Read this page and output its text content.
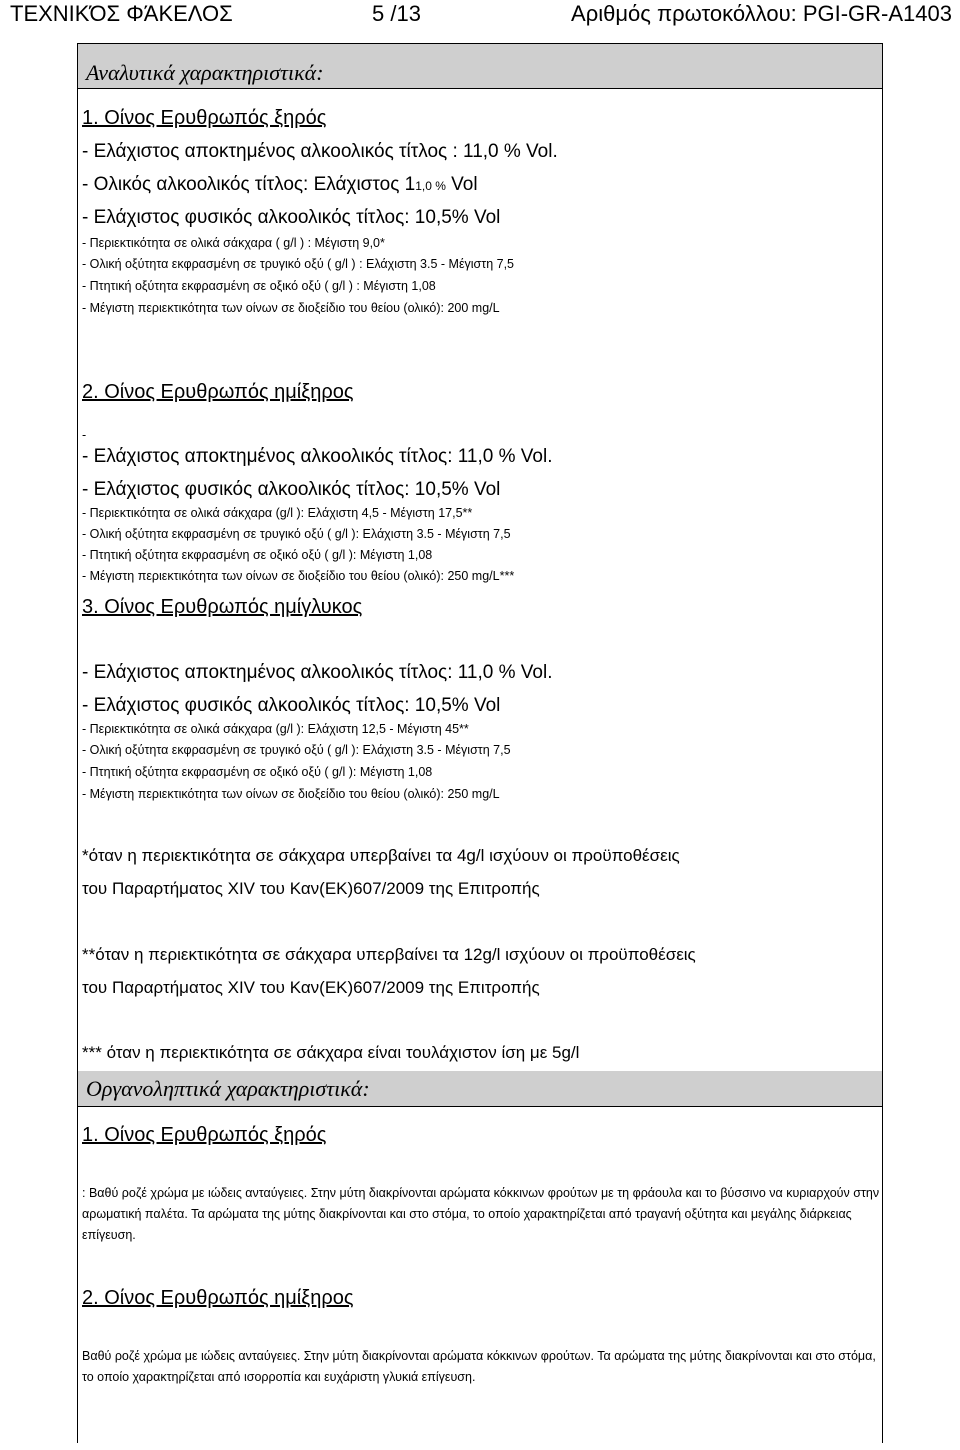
ΤΕΧΝΙΚΌΣ ΦΆΚΕΛΟΣ	5 /13	Αριθμός πρωτοκόλλου: PGI-GR-A1403
Αναλυτικά χαρακτηριστικά:
1. Οίνος Ερυθρωπός ξηρός
- Ελάχιστος αποκτημένος αλκοολικός τίτλος : 11,0 % Vol.
- Ολικός αλκοολικός τίτλος: Ελάχιστος 11,0 % Vol
- Ελάχιστος φυσικός αλκοολικός τίτλος: 10,5% Vol
- Περιεκτικότητα σε ολικά σάκχαρα ( g/l ) : Μέγιστη 9,0*
- Ολική οξύτητα εκφρασμένη σε τρυγικό οξύ ( g/l ) : Ελάχιστη 3.5 - Μέγιστη 7,5
- Πτητική οξύτητα εκφρασμένη σε οξικό οξύ ( g/l ) : Μέγιστη 1,08
- Μέγιστη περιεκτικότητα των οίνων σε διοξείδιο του θείου (ολικό): 200 mg/L
2. Οίνος Ερυθρωπός ημίξηρος
-
- Ελάχιστος αποκτημένος αλκοολικός τίτλος: 11,0 % Vol.
- Ελάχιστος φυσικός αλκοολικός τίτλος: 10,5% Vol
- Περιεκτικότητα σε ολικά σάκχαρα (g/l ): Ελάχιστη 4,5 - Μέγιστη 17,5**
- Ολική οξύτητα εκφρασμένη σε τρυγικό οξύ ( g/l ): Ελάχιστη 3.5 - Μέγιστη 7,5
- Πτητική οξύτητα εκφρασμένη σε οξικό οξύ ( g/l ): Μέγιστη 1,08
- Μέγιστη περιεκτικότητα των οίνων σε διοξείδιο του θείου (ολικό): 250 mg/L***
3. Οίνος Ερυθρωπός ημίγλυκος
- Ελάχιστος αποκτημένος αλκοολικός τίτλος: 11,0 % Vol.
- Ελάχιστος φυσικός αλκοολικός τίτλος: 10,5% Vol
- Περιεκτικότητα σε ολικά σάκχαρα (g/l ): Ελάχιστη 12,5 - Μέγιστη 45**
- Ολική οξύτητα εκφρασμένη σε τρυγικό οξύ ( g/l ): Ελάχιστη 3.5 - Μέγιστη 7,5
- Πτητική οξύτητα εκφρασμένη σε οξικό οξύ ( g/l ): Μέγιστη 1,08
- Μέγιστη περιεκτικότητα των οίνων σε διοξείδιο του θείου (ολικό): 250 mg/L
*όταν η περιεκτικότητα σε σάκχαρα υπερβαίνει τα 4g/l ισχύουν οι προϋποθέσεις
του Παραρτήματος XIV του Καν(ΕΚ)607/2009 της Επιτροπής
**όταν η περιεκτικότητα σε σάκχαρα υπερβαίνει τα 12g/l ισχύουν οι προϋποθέσεις
του Παραρτήματος XIV του Καν(ΕΚ)607/2009 της Επιτροπής
*** όταν η περιεκτικότητα σε σάκχαρα είναι τουλάχιστον ίση με 5g/l
Οργανοληπτικά χαρακτηριστικά:
1. Οίνος Ερυθρωπός ξηρός
: Βαθύ ροζέ χρώμα με ιώδεις ανταύγειες. Στην μύτη διακρίνονται αρώματα κόκκινων φρούτων με τη φράουλα και το βύσσινο να κυριαρχούν στην αρωματική παλέτα. Τα αρώματα της μύτης διακρίνονται και στο στόμα, το οποίο χαρακτηρίζεται από τραγανή οξύτητα και μεγάλης διάρκειας επίγευση.
2. Οίνος Ερυθρωπός ημίξηρος
Βαθύ ροζέ χρώμα με ιώδεις ανταύγειες. Στην μύτη διακρίνονται αρώματα κόκκινων φρούτων. Τα αρώματα της μύτης διακρίνονται και στο στόμα, το οποίο χαρακτηρίζεται από ισορροπία και ευχάριστη γλυκιά επίγευση.
